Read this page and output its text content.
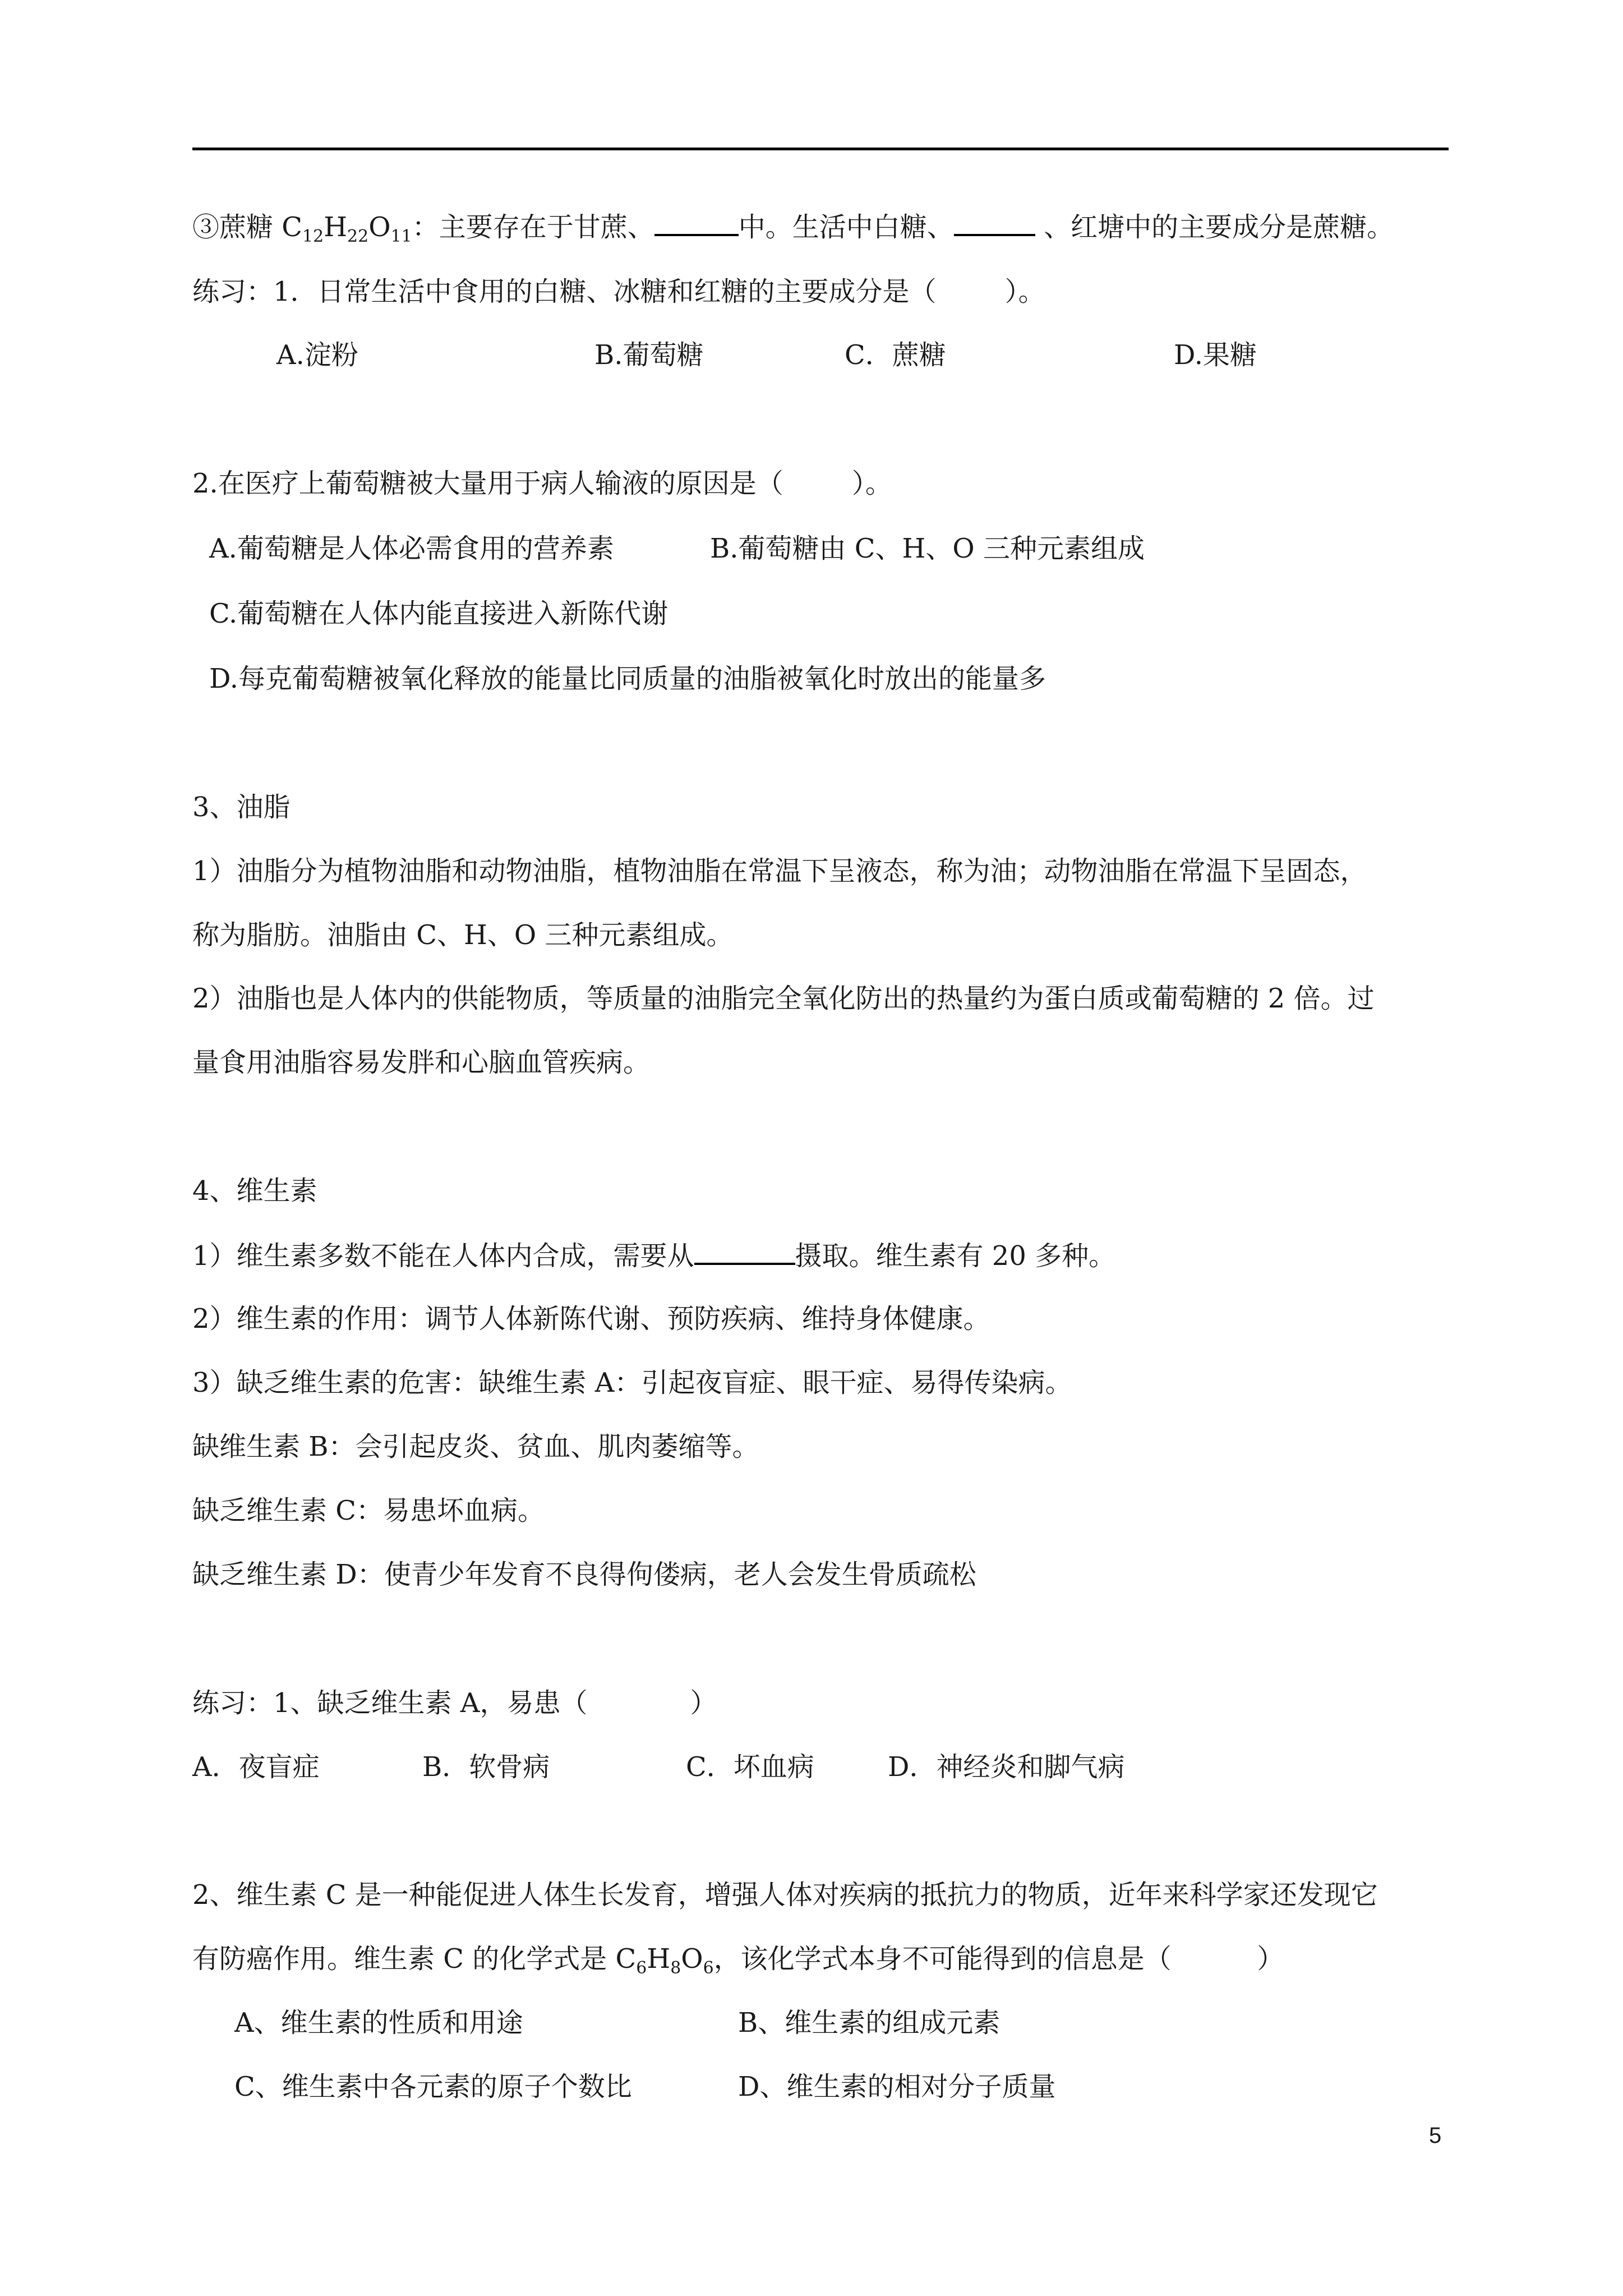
③蔗糖 $C_{12}H_{22}O_{11}$：主要存在于甘蔗、	中。生活中白糖、	、红塘中的主要成分是蔗糖。
练习：1．日常生活中食用的白糖、冰糖和红糖的主要成分是（        ）。
A.淀粉	B.葡萄糖	C．蔗糖	D.果糖
2.在医疗上葡萄糖被大量用于病人输液的原因是（        ）。
A.葡萄糖是人体必需食用的营养素	B.葡萄糖由 C、H、O 三种元素组成
C.葡萄糖在人体内能直接进入新陈代谢
D.每克葡萄糖被氧化释放的能量比同质量的油脂被氧化时放出的能量多
3、油脂
1）油脂分为植物油脂和动物油脂，植物油脂在常温下呈液态，称为油；动物油脂在常温下呈固态，
称为脂肪。油脂由 C、H、O 三种元素组成。
2）油脂也是人体内的供能物质，等质量的油脂完全氧化防出的热量约为蛋白质或葡萄糖的 2 倍。过
量食用油脂容易发胖和心脑血管疾病。
4、维生素
1）维生素多数不能在人体内合成，需要从	摄取。维生素有 20 多种。
2）维生素的作用：调节人体新陈代谢、预防疾病、维持身体健康。
3）缺乏维生素的危害：缺维生素 A：引起夜盲症、眼干症、易得传染病。
缺维生素 B：会引起皮炎、贫血、肌肉萎缩等。
缺乏维生素 C：易患坏血病。
缺乏维生素 D：使青少年发育不良得佝偻病，老人会发生骨质疏松
练习：1、缺乏维生素 A，易患（            ）
A．夜盲症	B．软骨病	C．坏血病	D．神经炎和脚气病
2、维生素 C 是一种能促进人体生长发育，增强人体对疾病的抵抗力的物质，近年来科学家还发现它
有防癌作用。维生素 C 的化学式是 $C_6H_8O_6$，该化学式本身不可能得到的信息是（          ）
A、维生素的性质和用途	B、维生素的组成元素
C、维生素中各元素的原子个数比	D、维生素的相对分子质量
5
